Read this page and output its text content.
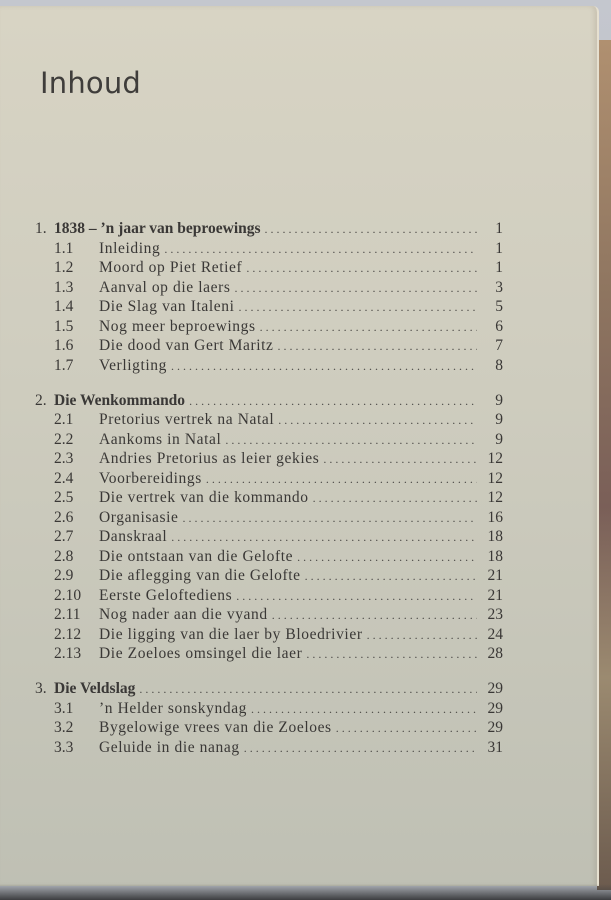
Inhoud
1. 1838 – ’n jaar van beproewings . . .	1
1.1	Inleiding . . .	1
1.2	Moord op Piet Retief . . .	1
1.3	Aanval op die laers . . .	3
1.4	Die Slag van Italeni . . .	5
1.5	Nog meer beproewings . . .	6
1.6	Die dood van Gert Maritz . . .	7
1.7	Verligting . . .	8
2. Die Wenkommando . . .	9
2.1	Pretorius vertrek na Natal . . .	9
2.2	Aankoms in Natal . . .	9
2.3	Andries Pretorius as leier gekies . . .	12
2.4	Voorbereidings . . .	12
2.5	Die vertrek van die kommando . . .	12
2.6	Organisasie . . .	16
2.7	Danskraal . . .	18
2.8	Die ontstaan van die Gelofte . . .	18
2.9	Die aflegging van die Gelofte . . .	21
2.10	Eerste Geloftediens . . .	21
2.11	Nog nader aan die vyand . . .	23
2.12	Die ligging van die laer by Bloedrivier . . .	24
2.13	Die Zoeloes omsingel die laer . . .	28
3. Die Veldslag . . .	29
3.1	’n Helder sonskyndag . . .	29
3.2	Bygelowige vrees van die Zoeloes . . .	29
3.3	Geluide in die nanag . . .	31
